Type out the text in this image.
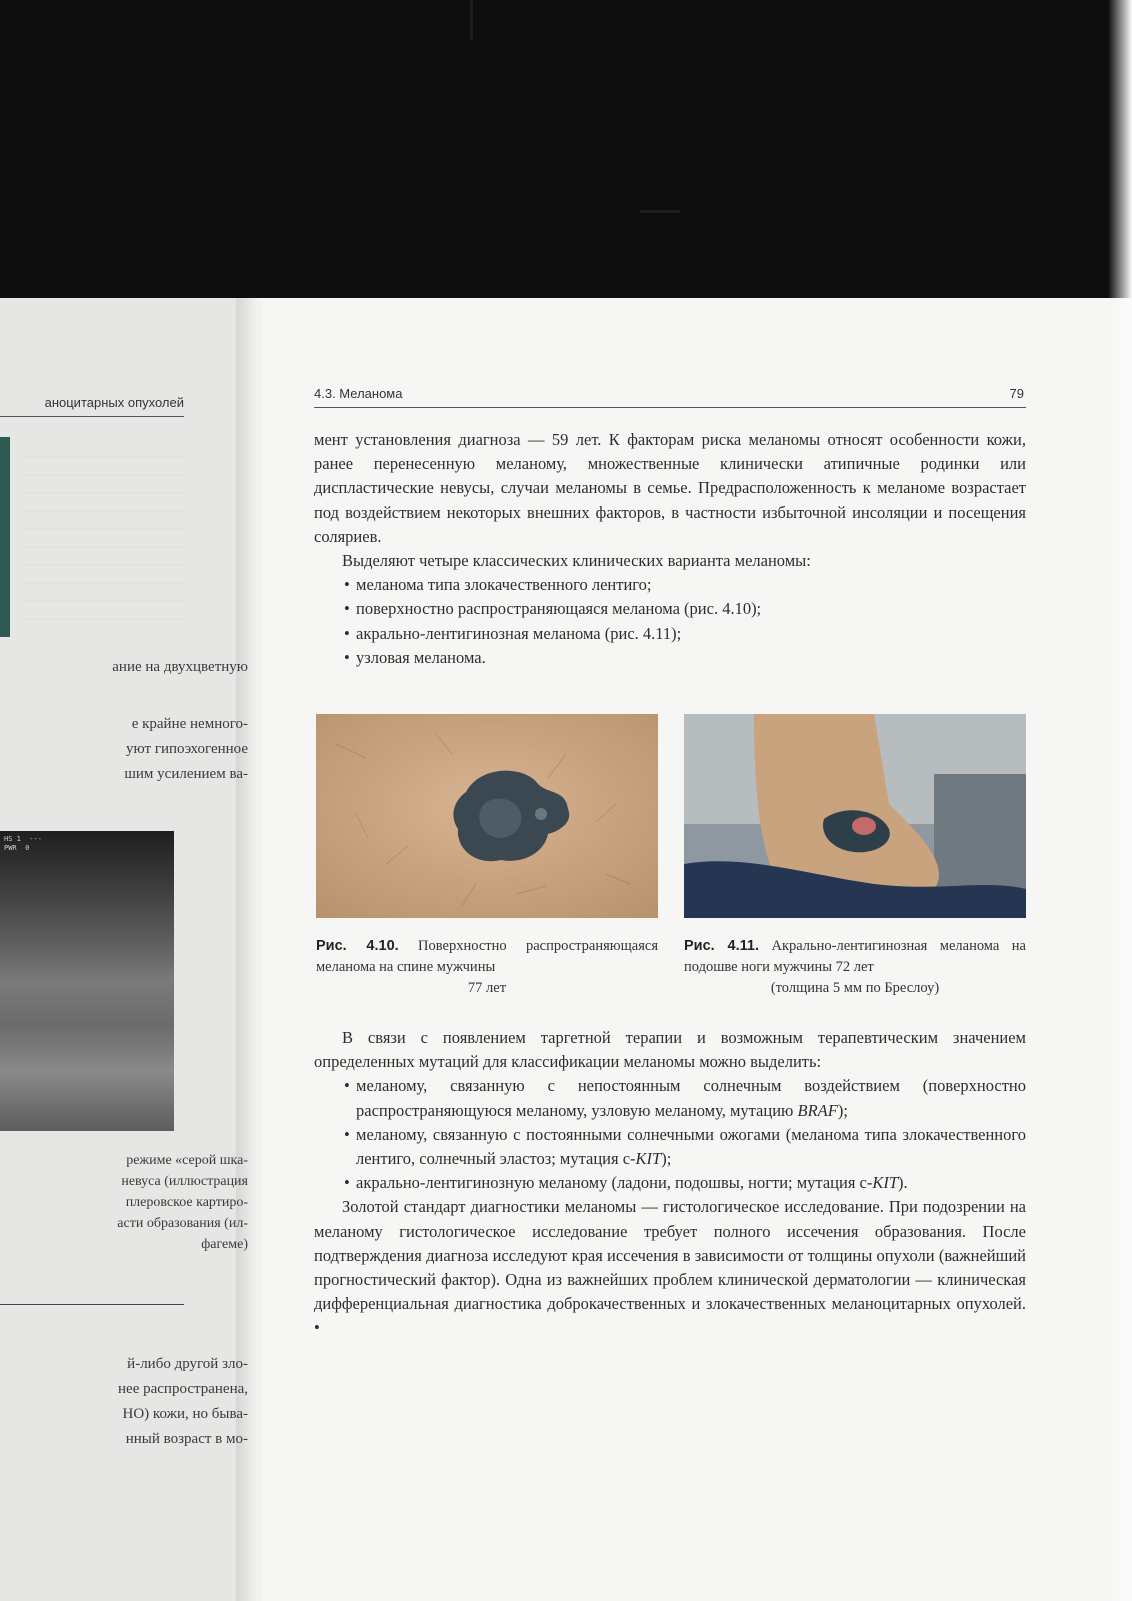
аноцитарных опухолей
ание на двухцветную
е крайне немного-
уют гипоэхогенное
шим усилением ва-
HS 1  ---
PWR  0
режиме «серой шка-
невуса (иллюстрация
плеровское картиро-
асти образования (ил-
фагеме)
й-либо другой зло-
нее распространена,
НО) кожи, но быва-
нный возраст в мо-
4.3. Меланома	79

мент установления диагноза — 59 лет. К факторам риска меланомы относят особенности кожи, ранее перенесенную меланому, множественные клинически атипичные родинки или диспластические невусы, случаи меланомы в семье. Предрасположенность к меланоме возрастает под воздействием некоторых внешних факторов, в частности избыточной инсоляции и посещения соляриев.

Выделяют четыре классических клинических варианта меланомы:

• меланома типа злокачественного лентиго;
• поверхностно распространяющаяся меланома (рис. 4.10);
• акрально-лентигинозная меланома (рис. 4.11);
• узловая меланома.
Рис. 4.10. Поверхностно распространяющаяся меланома на спине мужчины
77 лет
Рис. 4.11. Акрально-лентигинозная меланома на подошве ноги мужчины 72 лет
(толщина 5 мм по Бреслоу)

В связи с появлением таргетной терапии и возможным терапевтическим значением определенных мутаций для классификации меланомы можно выделить:

• меланому, связанную с непостоянным солнечным воздействием (поверхностно распространяющуюся меланому, узловую меланому, мутацию BRAF);
• меланому, связанную с постоянными солнечными ожогами (меланома типа злокачественного лентиго, солнечный эластоз; мутация c-KIT);
• акрально-лентигинозную меланому (ладони, подошвы, ногти; мутация c-KIT).

Золотой стандарт диагностики меланомы — гистологическое исследование. При подозрении на меланому гистологическое исследование требует полного иссечения образования. После подтверждения диагноза исследуют края иссечения в зависимости от толщины опухоли (важнейший прогностический фактор). Одна из важнейших проблем клинической дерматологии — клиническая дифференциальная диагностика доброкачественных и злокачественных меланоцитарных опухолей. •
